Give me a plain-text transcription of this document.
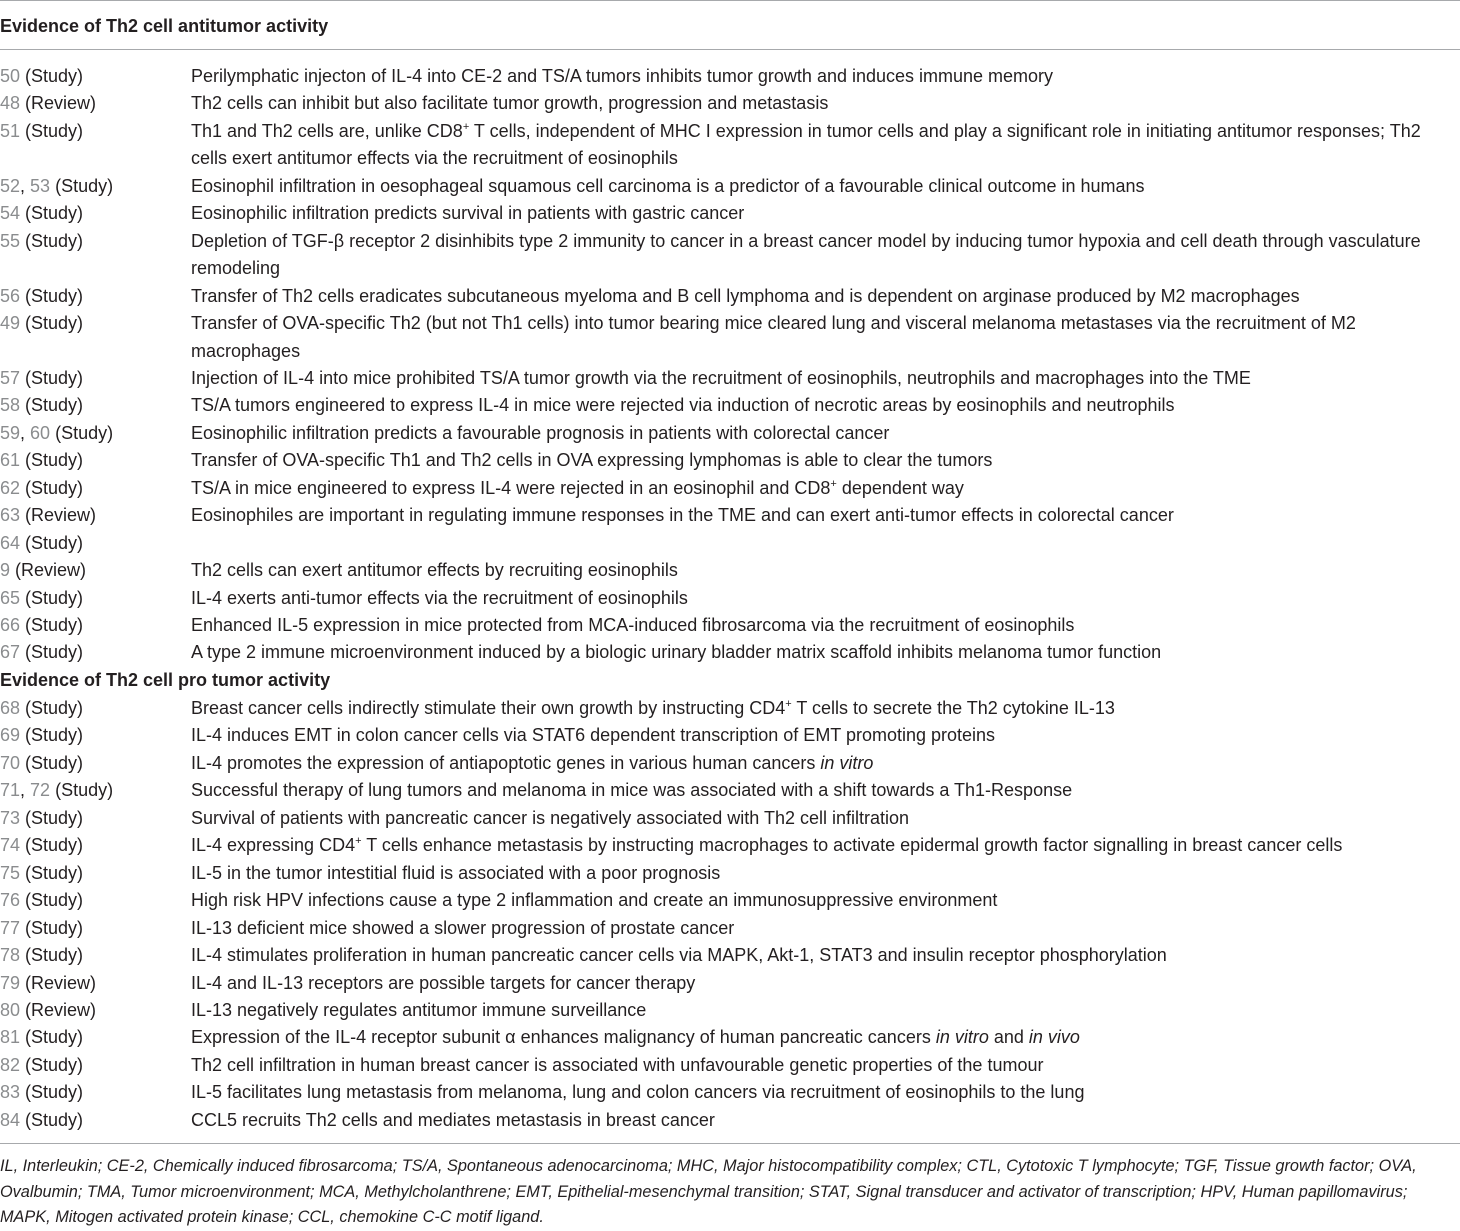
Evidence of Th2 cell antitumor activity
50 (Study)	Perilymphatic injecton of IL-4 into CE-2 and TS/A tumors inhibits tumor growth and induces immune memory
48 (Review)	Th2 cells can inhibit but also facilitate tumor growth, progression and metastasis
51 (Study)	Th1 and Th2 cells are, unlike CD8+ T cells, independent of MHC I expression in tumor cells and play a significant role in initiating antitumor responses; Th2 cells exert antitumor effects via the recruitment of eosinophils
52, 53 (Study)	Eosinophil infiltration in oesophageal squamous cell carcinoma is a predictor of a favourable clinical outcome in humans
54 (Study)	Eosinophilic infiltration predicts survival in patients with gastric cancer
55 (Study)	Depletion of TGF-β receptor 2 disinhibits type 2 immunity to cancer in a breast cancer model by inducing tumor hypoxia and cell death through vasculature remodeling
56 (Study)	Transfer of Th2 cells eradicates subcutaneous myeloma and B cell lymphoma and is dependent on arginase produced by M2 macrophages
49 (Study)	Transfer of OVA-specific Th2 (but not Th1 cells) into tumor bearing mice cleared lung and visceral melanoma metastases via the recruitment of M2 macrophages
57 (Study)	Injection of IL-4 into mice prohibited TS/A tumor growth via the recruitment of eosinophils, neutrophils and macrophages into the TME
58 (Study)	TS/A tumors engineered to express IL-4 in mice were rejected via induction of necrotic areas by eosinophils and neutrophils
59, 60 (Study)	Eosinophilic infiltration predicts a favourable prognosis in patients with colorectal cancer
61 (Study)	Transfer of OVA-specific Th1 and Th2 cells in OVA expressing lymphomas is able to clear the tumors
62 (Study)	TS/A in mice engineered to express IL-4 were rejected in an eosinophil and CD8+ dependent way
63 (Review)	Eosinophiles are important in regulating immune responses in the TME and can exert anti-tumor effects in colorectal cancer
64 (Study)
9 (Review)	Th2 cells can exert antitumor effects by recruiting eosinophils
65 (Study)	IL-4 exerts anti-tumor effects via the recruitment of eosinophils
66 (Study)	Enhanced IL-5 expression in mice protected from MCA-induced fibrosarcoma via the recruitment of eosinophils
67 (Study)	A type 2 immune microenvironment induced by a biologic urinary bladder matrix scaffold inhibits melanoma tumor function
Evidence of Th2 cell pro tumor activity
68 (Study)	Breast cancer cells indirectly stimulate their own growth by instructing CD4+ T cells to secrete the Th2 cytokine IL-13
69 (Study)	IL-4 induces EMT in colon cancer cells via STAT6 dependent transcription of EMT promoting proteins
70 (Study)	IL-4 promotes the expression of antiapoptotic genes in various human cancers in vitro
71, 72 (Study)	Successful therapy of lung tumors and melanoma in mice was associated with a shift towards a Th1-Response
73 (Study)	Survival of patients with pancreatic cancer is negatively associated with Th2 cell infiltration
74 (Study)	IL-4 expressing CD4+ T cells enhance metastasis by instructing macrophages to activate epidermal growth factor signalling in breast cancer cells
75 (Study)	IL-5 in the tumor intestitial fluid is associated with a poor prognosis
76 (Study)	High risk HPV infections cause a type 2 inflammation and create an immunosuppressive environment
77 (Study)	IL-13 deficient mice showed a slower progression of prostate cancer
78 (Study)	IL-4 stimulates proliferation in human pancreatic cancer cells via MAPK, Akt-1, STAT3 and insulin receptor phosphorylation
79 (Review)	IL-4 and IL-13 receptors are possible targets for cancer therapy
80 (Review)	IL-13 negatively regulates antitumor immune surveillance
81 (Study)	Expression of the IL-4 receptor subunit α enhances malignancy of human pancreatic cancers in vitro and in vivo
82 (Study)	Th2 cell infiltration in human breast cancer is associated with unfavourable genetic properties of the tumour
83 (Study)	IL-5 facilitates lung metastasis from melanoma, lung and colon cancers via recruitment of eosinophils to the lung
84 (Study)	CCL5 recruits Th2 cells and mediates metastasis in breast cancer
IL, Interleukin; CE-2, Chemically induced fibrosarcoma; TS/A, Spontaneous adenocarcinoma; MHC, Major histocompatibility complex; CTL, Cytotoxic T lymphocyte; TGF, Tissue growth factor; OVA, Ovalbumin; TMA, Tumor microenvironment; MCA, Methylcholanthrene; EMT, Epithelial-mesenchymal transition; STAT, Signal transducer and activator of transcription; HPV, Human papillomavirus; MAPK, Mitogen activated protein kinase; CCL, chemokine C-C motif ligand.
